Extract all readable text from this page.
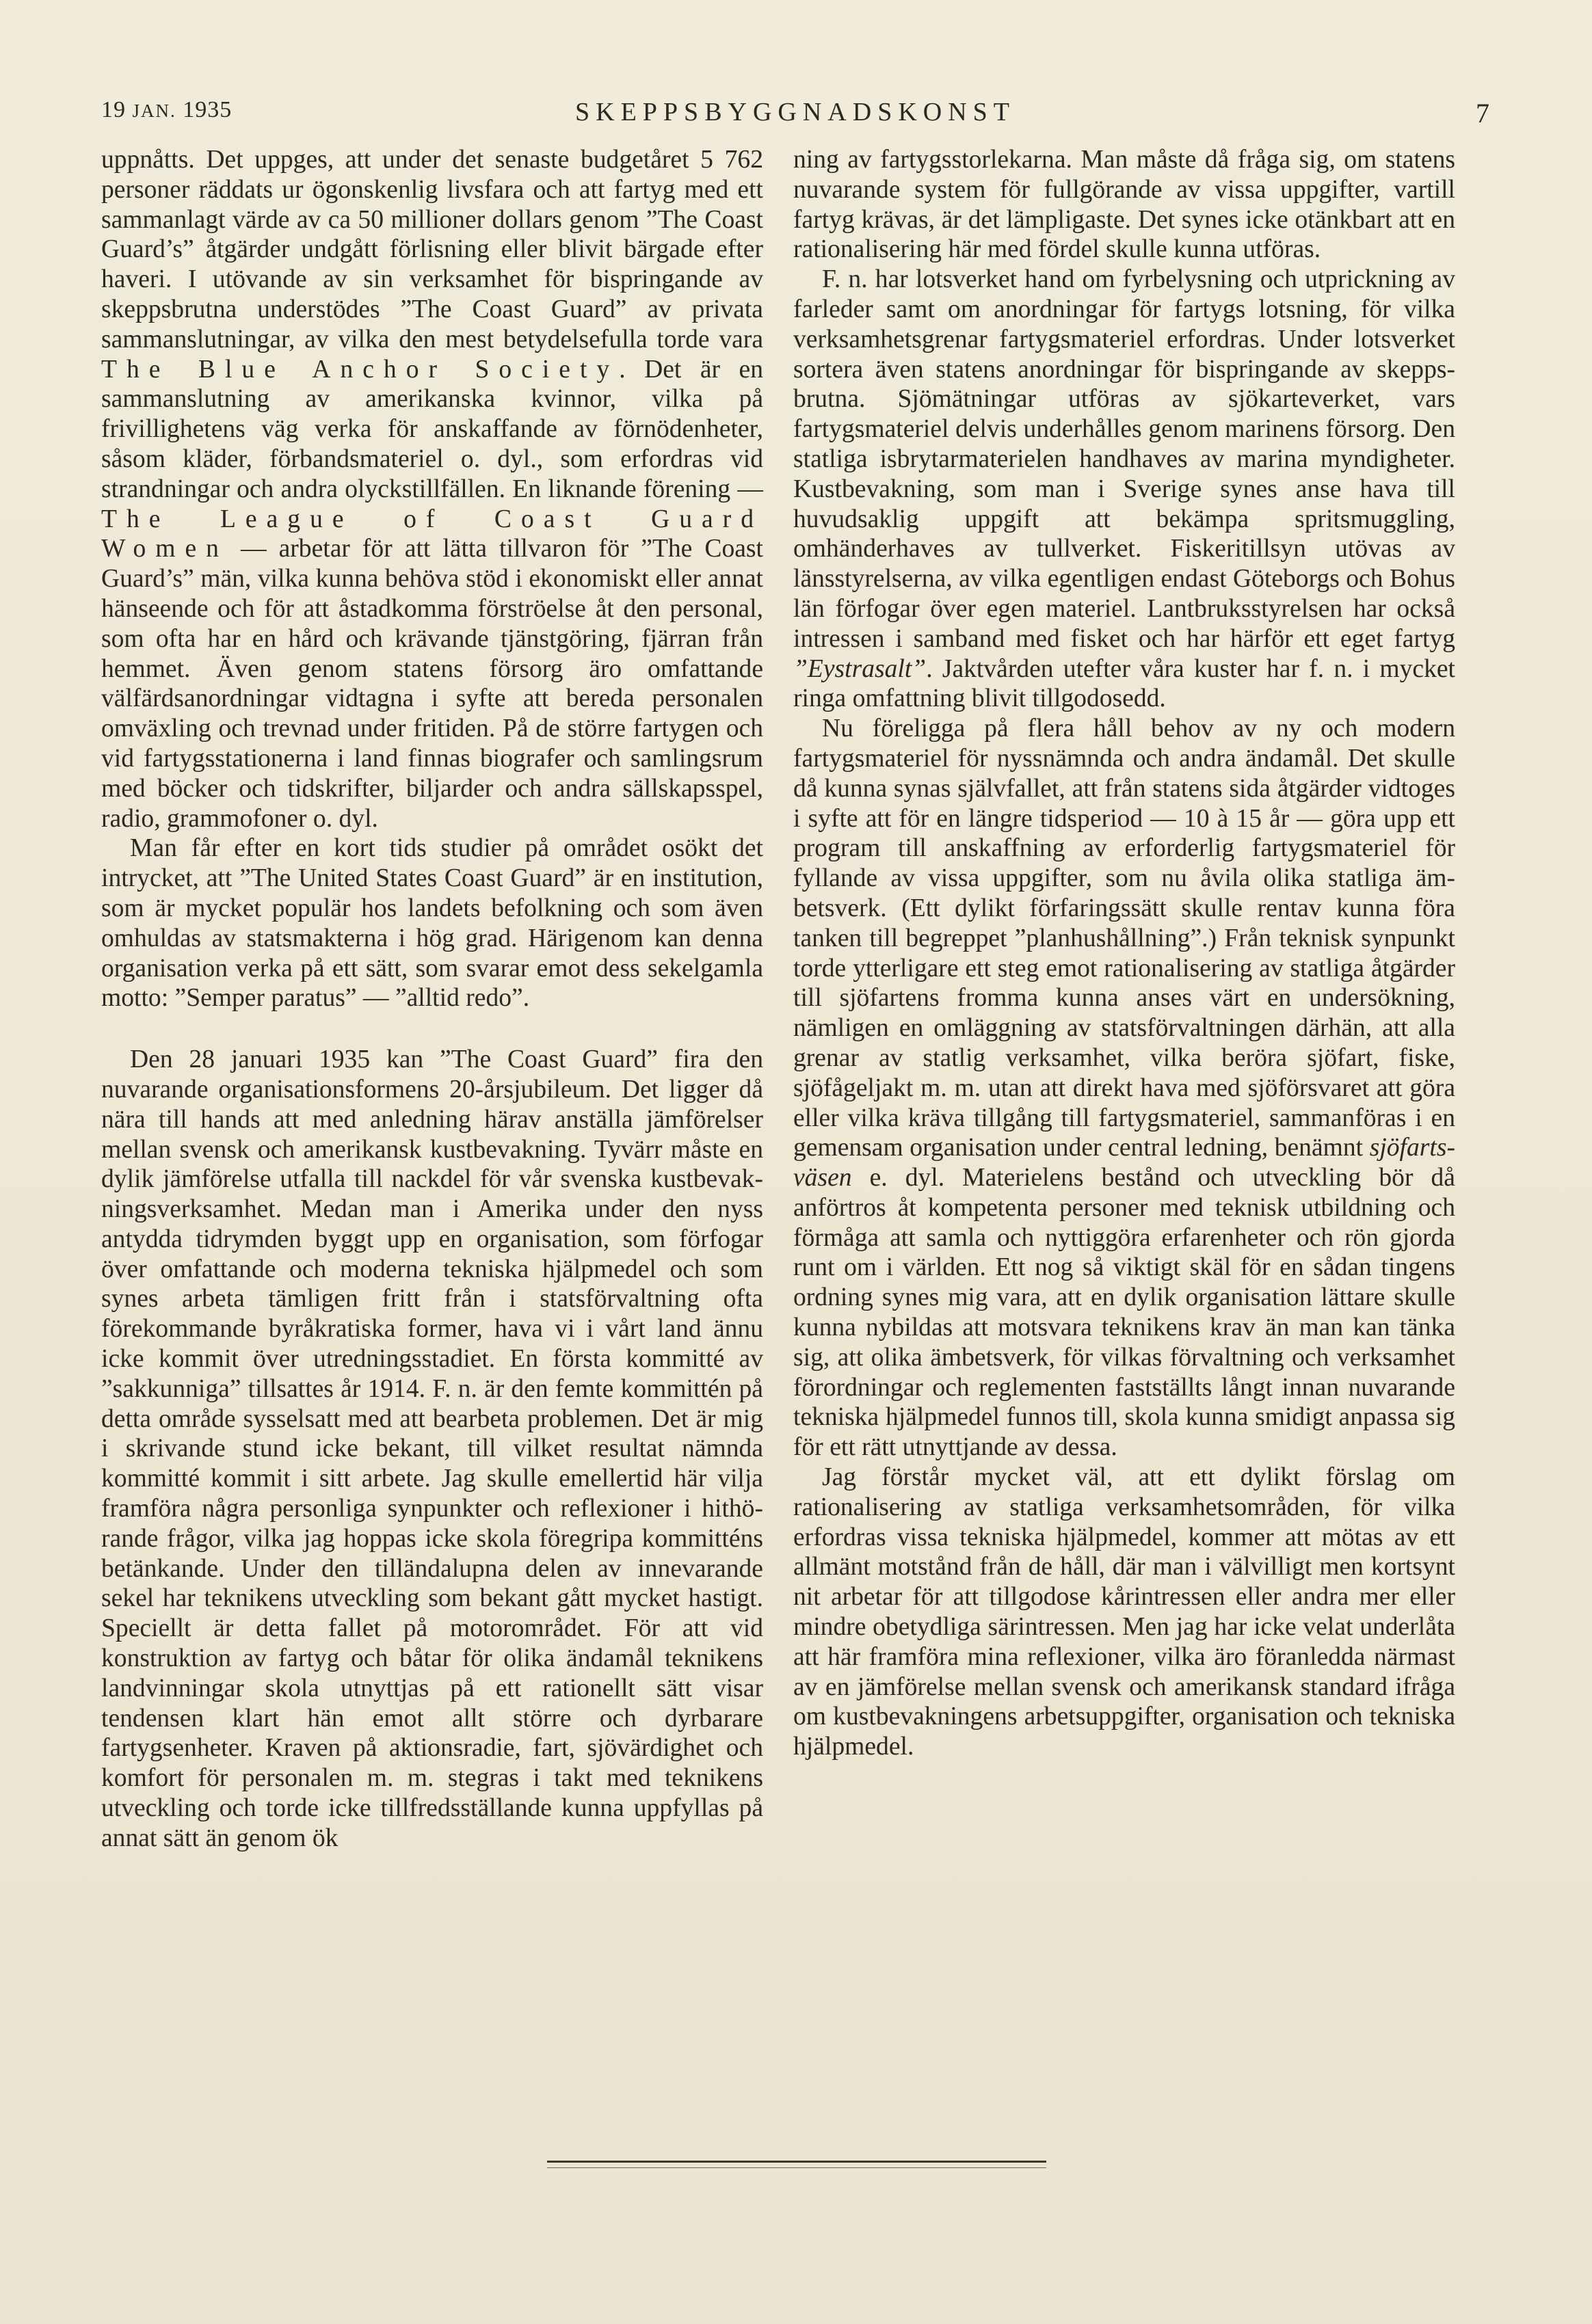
19 JAN. 1935	SKEPPSBYGGNADSKONST	7

uppnåtts. Det uppges, att under det senaste budgetåret 5 762 personer räddats ur ögonskenlig livsfara och att fartyg med ett sammanlagt värde av ca 50 millioner dollars genom ”The Coast Guard’s” åtgärder undgått förlisning eller blivit bärgade efter haveri. I utövande av sin verksamhet för bispringande av skeppsbrutna understödes ”The Coast Guard” av privata sammanslutningar, av vilka den mest betydelsefulla torde vara The Blue Anchor Society. Det är en sammanslutning av amerikanska kvinnor, vilka på frivillighetens väg verka för anskaffande av förnödenheter, såsom kläder, förbandsmateriel o. dyl., som erfordras vid strandningar och andra olyckstillfällen. En liknande förening — The League of Coast Guard Women — arbetar för att lätta tillvaron för ”The Coast Guard’s” män, vilka kunna behöva stöd i ekonomiskt eller annat hänseende och för att åstadkomma förströelse åt den personal, som ofta har en hård och krävande tjänstgöring, fjärran från hemmet. Även genom statens försorg äro omfattande välfärdsanordningar vidtagna i syfte att bereda personalen omväxling och trevnad under fritiden. På de större fartygen och vid fartygsstationerna i land finnas biografer och samlingsrum med böcker och tidskrifter, biljarder och andra sällskapsspel, radio, grammofoner o. dyl.

Man får efter en kort tids studier på området osökt det intrycket, att ”The United States Coast Guard” är en institution, som är mycket populär hos landets befolkning och som även omhuldas av statsmakterna i hög grad. Härigenom kan denna organisation verka på ett sätt, som svarar emot dess sekelgamla motto: ”Semper paratus” — ”alltid redo”.

Den 28 januari 1935 kan ”The Coast Guard” fira den nuvarande organisationsformens 20-årsjubileum. Det ligger då nära till hands att med anledning härav anställa jämförelser mellan svensk och amerikansk kustbevakning. Tyvärr måste en dylik jämförelse utfalla till nackdel för vår svenska kustbevakningsverksamhet. Medan man i Amerika under den nyss antydda tidrymden byggt upp en organisation, som förfogar över omfattande och moderna tekniska hjälpmedel och som synes arbeta tämligen fritt från i statsförvaltning ofta förekommande byråkratiska former, hava vi i vårt land ännu icke kommit över utredningsstadiet. En första kommitté av ”sakkunniga” tillsattes år 1914. F. n. är den femte kommittén på detta område sysselsatt med att bearbeta problemen. Det är mig i skrivande stund icke bekant, till vilket resultat nämnda kommitté kommit i sitt arbete. Jag skulle emellertid här vilja framföra några personliga synpunkter och reflexioner i hithörande frågor, vilka jag hoppas icke skola föregripa kommitténs betänkande. Under den tilländalupna delen av innevarande sekel har teknikens utveckling som bekant gått mycket hastigt. Speciellt är detta fallet på motorområdet. För att vid konstruktion av fartyg och båtar för olika ändamål teknikens landvinningar skola utnyttjas på ett rationellt sätt visar tendensen klart hän emot allt större och dyrbarare fartygsenheter. Kraven på aktionsradie, fart, sjövärdighet och komfort för personalen m. m. stegras i takt med teknikens utveckling och torde icke tillfredsställande kunna uppfyllas på annat sätt än genom ök

ning av fartygsstorlekarna. Man måste då fråga sig, om statens nuvarande system för fullgörande av vissa uppgifter, vartill fartyg krävas, är det lämpligaste. Det synes icke otänkbart att en rationalisering här med fördel skulle kunna utföras.

F. n. har lotsverket hand om fyrbelysning och utprickning av farleder samt om anordningar för fartygs lotsning, för vilka verksamhetsgrenar fartygsmateriel erfordras. Under lotsverket sortera även statens anordningar för bispringande av skeppsbrutna. Sjömätningar utföras av sjökarteverket, vars fartygsmateriel delvis underhålles genom marinens försorg. Den statliga isbrytarmaterielen handhaves av marina myndigheter. Kustbevakning, som man i Sverige synes anse hava till huvudsaklig uppgift att bekämpa spritsmuggling, omhänderhaves av tullverket. Fiskeritillsyn utövas av länsstyrelserna, av vilka egentligen endast Göteborgs och Bohus län förfogar över egen materiel. Lantbruksstyrelsen har också intressen i samband med fisket och har härför ett eget fartyg ”Eystrasalt”. Jaktvården utefter våra kuster har f. n. i mycket ringa omfattning blivit tillgodosedd.

Nu föreligga på flera håll behov av ny och modern fartygsmateriel för nyssnämnda och andra ändamål. Det skulle då kunna synas självfallet, att från statens sida åtgärder vidtoges i syfte att för en längre tidsperiod — 10 à 15 år — göra upp ett program till anskaffning av erforderlig fartygsmateriel för fyllande av vissa uppgifter, som nu åvila olika statliga ämbetsverk. (Ett dylikt förfaringssätt skulle rentav kunna föra tanken till begreppet ”planhushållning”.) Från teknisk synpunkt torde ytterligare ett steg emot rationalisering av statliga åtgärder till sjöfartens fromma kunna anses värt en undersökning, nämligen en omläggning av statsförvaltningen därhän, att alla grenar av statlig verksamhet, vilka beröra sjöfart, fiske, sjöfågeljakt m. m. utan att direkt hava med sjöförsvaret att göra eller vilka kräva tillgång till fartygsmateriel, sammanföras i en gemensam organisation under central ledning, benämnt sjöfartsväsen e. dyl. Materielens bestånd och utveckling bör då anförtros åt kompetenta personer med teknisk utbildning och förmåga att samla och nyttiggöra erfarenheter och rön gjorda runt om i världen. Ett nog så viktigt skäl för en sådan tingens ordning synes mig vara, att en dylik organisation lättare skulle kunna nybildas att motsvara teknikens krav än man kan tänka sig, att olika ämbetsverk, för vilkas förvaltning och verksamhet förordningar och reglementen fastställts långt innan nuvarande tekniska hjälpmedel funnos till, skola kunna smidigt anpassa sig för ett rätt utnyttjande av dessa.

Jag förstår mycket väl, att ett dylikt förslag om rationalisering av statliga verksamhetsområden, för vilka erfordras vissa tekniska hjälpmedel, kommer att mötas av ett allmänt motstånd från de håll, där man i välvilligt men kortsynt nit arbetar för att tillgodose kårintressen eller andra mer eller mindre obetydliga särintressen. Men jag har icke velat underlåta att här framföra mina reflexioner, vilka äro föranledda närmast av en jämförelse mellan svensk och amerikansk standard ifråga om kustbevakningens arbetsuppgifter, organisation och tekniska hjälpmedel.
